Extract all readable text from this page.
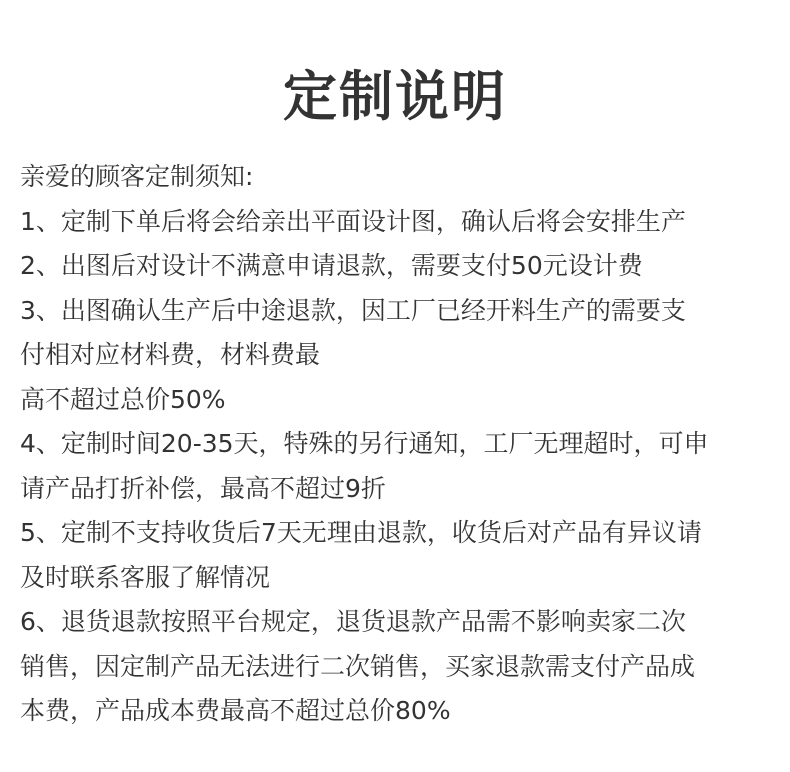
定制说明

亲爱的顾客定制须知:

1、定制下单后将会给亲出平面设计图，确认后将会安排生产

2、出图后对设计不满意申请退款，需要支付50元设计费

3、出图确认生产后中途退款，因工厂已经开料生产的需要支

付相对应材料费，材料费最

高不超过总价50%

4、定制时间20-35天，特殊的另行通知，工厂无理超时，可申

请产品打折补偿，最高不超过9折

5、定制不支持收货后7天无理由退款，收货后对产品有异议请

及时联系客服了解情况

6、退货退款按照平台规定，退货退款产品需不影响卖家二次

销售，因定制产品无法进行二次销售，买家退款需支付产品成

本费，产品成本费最高不超过总价80%
